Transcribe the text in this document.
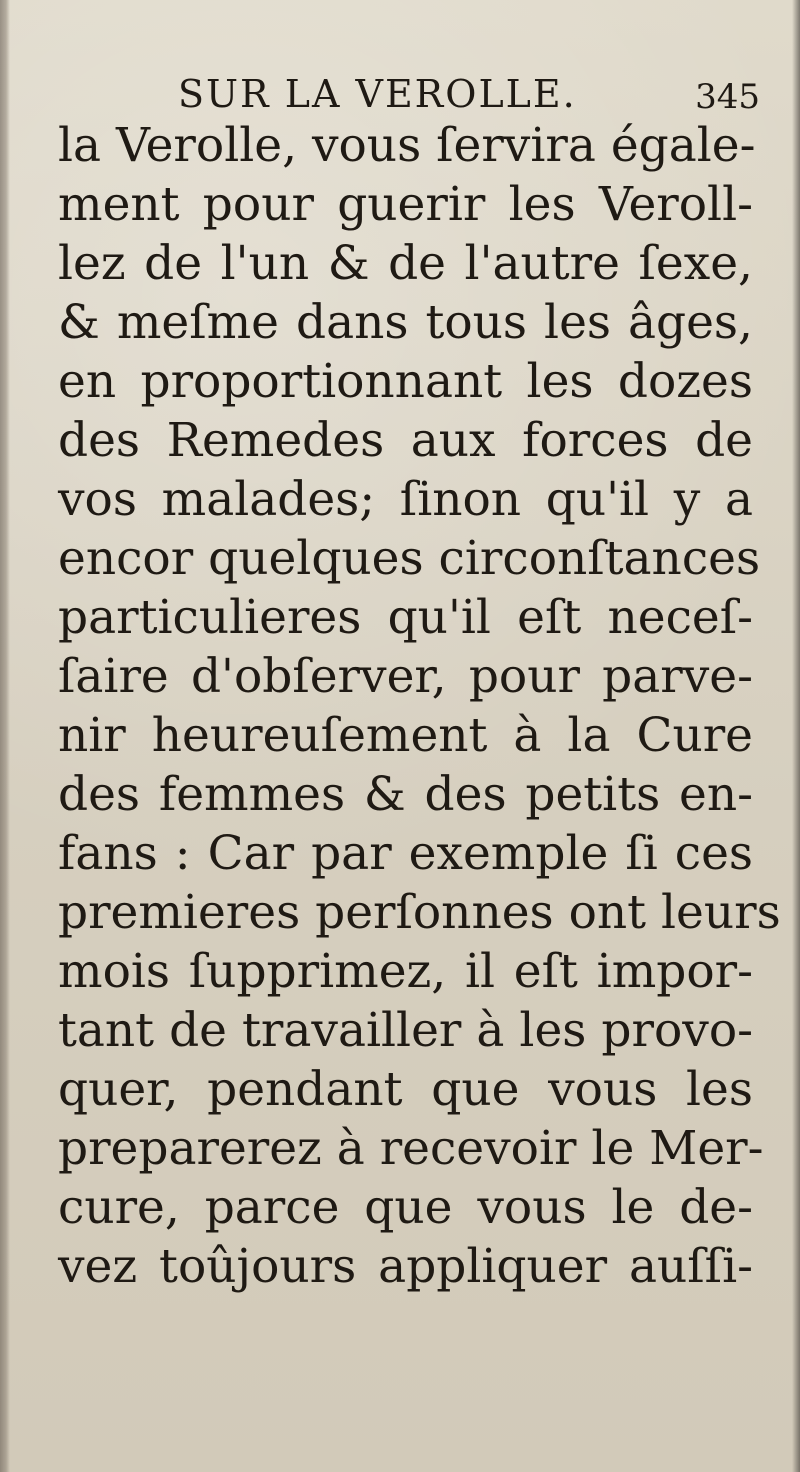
SUR LA VEROLLE.	345
la Verolle, vous ſervira égale-
ment pour guerir les Veroll-
lez de l'un & de l'autre ſexe,
& meſme dans tous les âges,
en proportionnant les dozes
des Remedes aux forces de
vos malades; ſinon qu'il y a
encor quelques circonſtances
particulieres qu'il eſt neceſ-
ſaire d'obſerver, pour parve-
nir heureuſement à la Cure
des femmes & des petits en-
fans : Car par exemple ſi ces
premieres perſonnes ont leurs
mois ſupprimez, il eſt impor-
tant de travailler à les provo-
quer, pendant que vous les
preparerez à recevoir le Mer-
cure, parce que vous le de-
vez toûjours appliquer auſſi-
